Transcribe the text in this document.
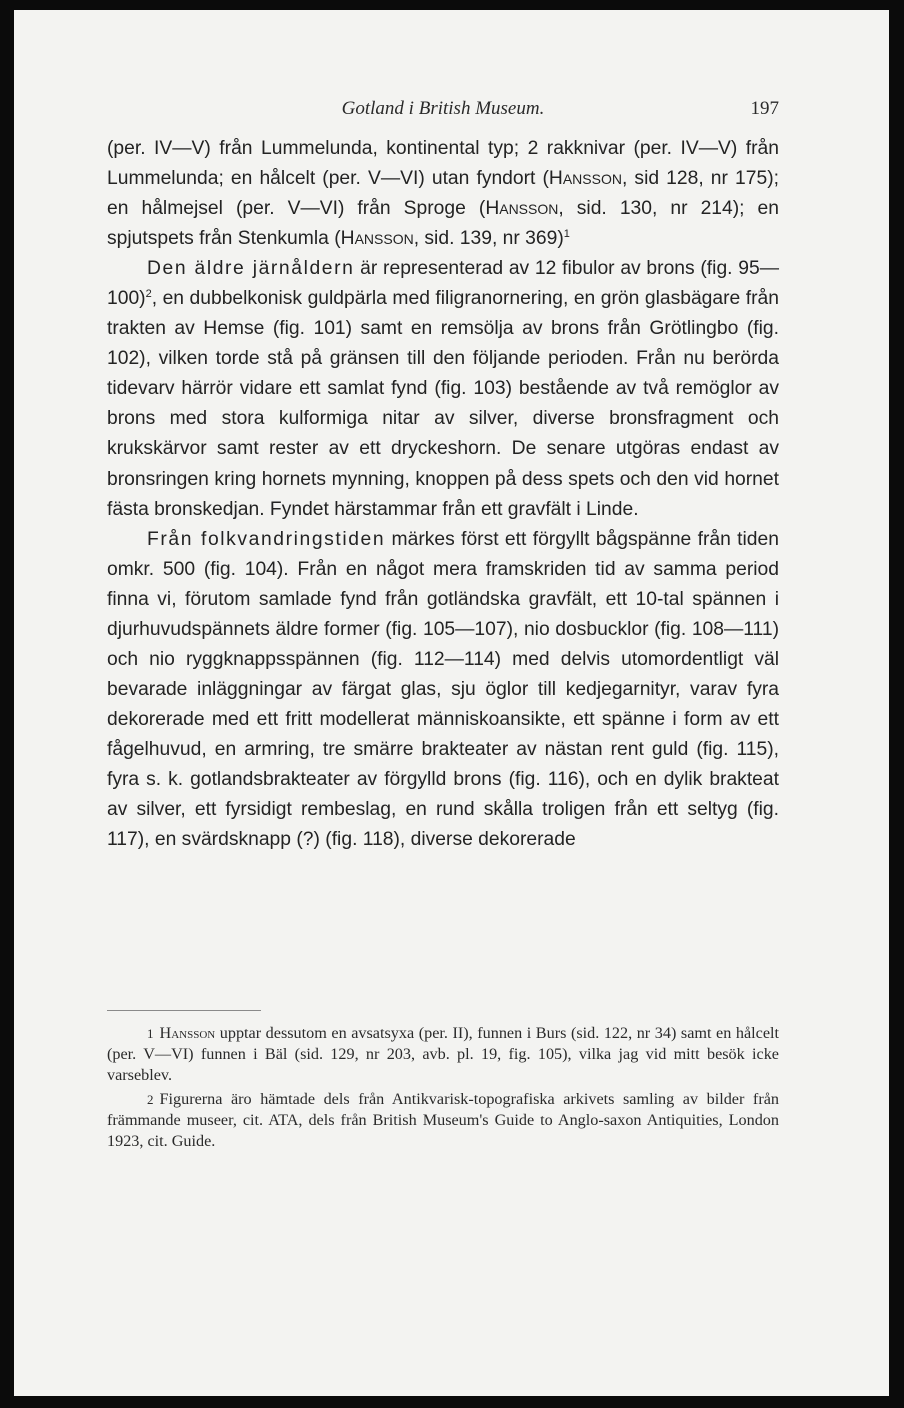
Gotland i British Museum.	197

(per. IV—V) från Lummelunda, kontinental typ; 2 rakknivar (per. IV—V) från Lummelunda; en hålcelt (per. V—VI) utan fyndort (Hansson, sid 128, nr 175); en hålmejsel (per. V—VI) från Sproge (Hansson, sid. 130, nr 214); en spjutspets från Stenkumla (Hansson, sid. 139, nr 369)$^1$

Den äldre järnåldern är representerad av 12 fibulor av brons (fig. 95—100)$^2$, en dubbelkonisk guldpärla med filigranornering, en grön glasbägare från trakten av Hemse (fig. 101) samt en remsölja av brons från Grötlingbo (fig. 102), vilken torde stå på gränsen till den följande perioden. Från nu berörda tidevarv härrör vidare ett samlat fynd (fig. 103) bestående av två remöglor av brons med stora kulformiga nitar av silver, diverse bronsfragment och krukskärvor samt rester av ett dryckeshorn. De senare utgöras endast av bronsringen kring hornets mynning, knoppen på dess spets och den vid hornet fästa bronskedjan. Fyndet härstammar från ett gravfält i Linde.

Från folkvandringstiden märkes först ett förgyllt bågspänne från tiden omkr. 500 (fig. 104). Från en något mera framskriden tid av samma period finna vi, förutom samlade fynd från gotländska gravfält, ett 10-tal spännen i djurhuvudspännets äldre former (fig. 105—107), nio dosbucklor (fig. 108—111) och nio ryggknappsspännen (fig. 112—114) med delvis utomordentligt väl bevarade inläggningar av färgat glas, sju öglor till kedjegarnityr, varav fyra dekorerade med ett fritt modellerat människoansikte, ett spänne i form av ett fågelhuvud, en armring, tre smärre brakteater av nästan rent guld (fig. 115), fyra s. k. gotlandsbrakteater av förgylld brons (fig. 116), och en dylik brakteat av silver, ett fyrsidigt rembeslag, en rund skålla troligen från ett seltyg (fig. 117), en svärdsknapp (?) (fig. 118), diverse dekorerade

1 Hansson upptar dessutom en avsatsyxa (per. II), funnen i Burs (sid. 122, nr 34) samt en hålcelt (per. V—VI) funnen i Bäl (sid. 129, nr 203, avb. pl. 19, fig. 105), vilka jag vid mitt besök icke varseblev.

2 Figurerna äro hämtade dels från Antikvarisk-topografiska arkivets samling av bilder från främmande museer, cit. ATA, dels från British Museum's Guide to Anglo-saxon Antiquities, London 1923, cit. Guide.
